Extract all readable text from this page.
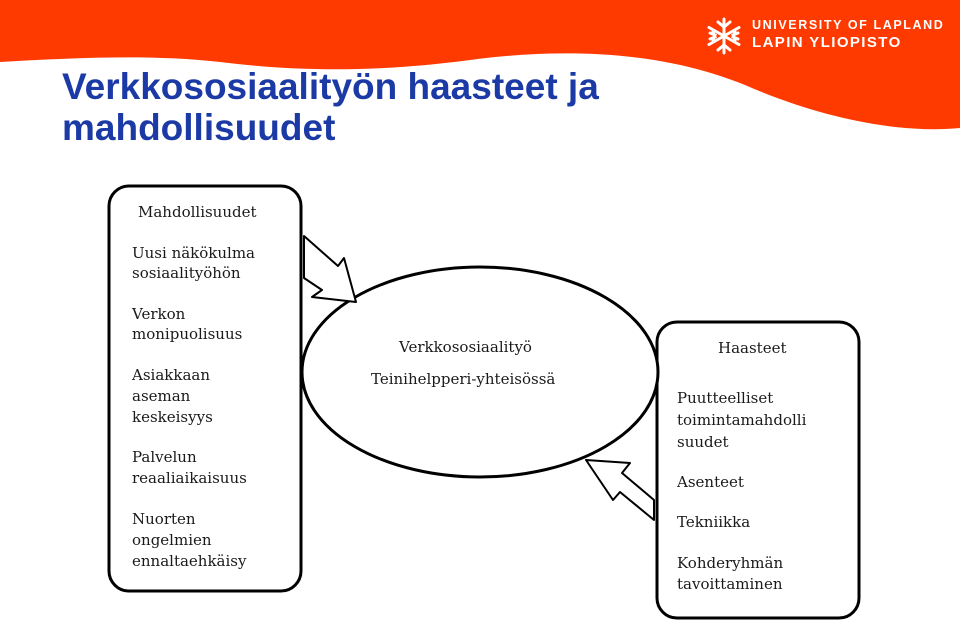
UNIVERSITY OF LAPLAND
LAPIN YLIOPISTO
Verkkososiaalityön haasteet ja
mahdollisuudet
Mahdollisuudet
Uusi näkökulma
sosiaalityöhön
Verkon
monipuolisuus
Asiakkaan
aseman
keskeisyys
Palvelun
reaaliaikaisuus
Nuorten
ongelmien
ennaltaehkäisy
Verkkososiaalityö
Teinihelpperi-yhteisössä
Haasteet
Puutteelliset
toimintamahdolli
suudet
Asenteet
Tekniikka
Kohderyhmän
tavoittaminen
